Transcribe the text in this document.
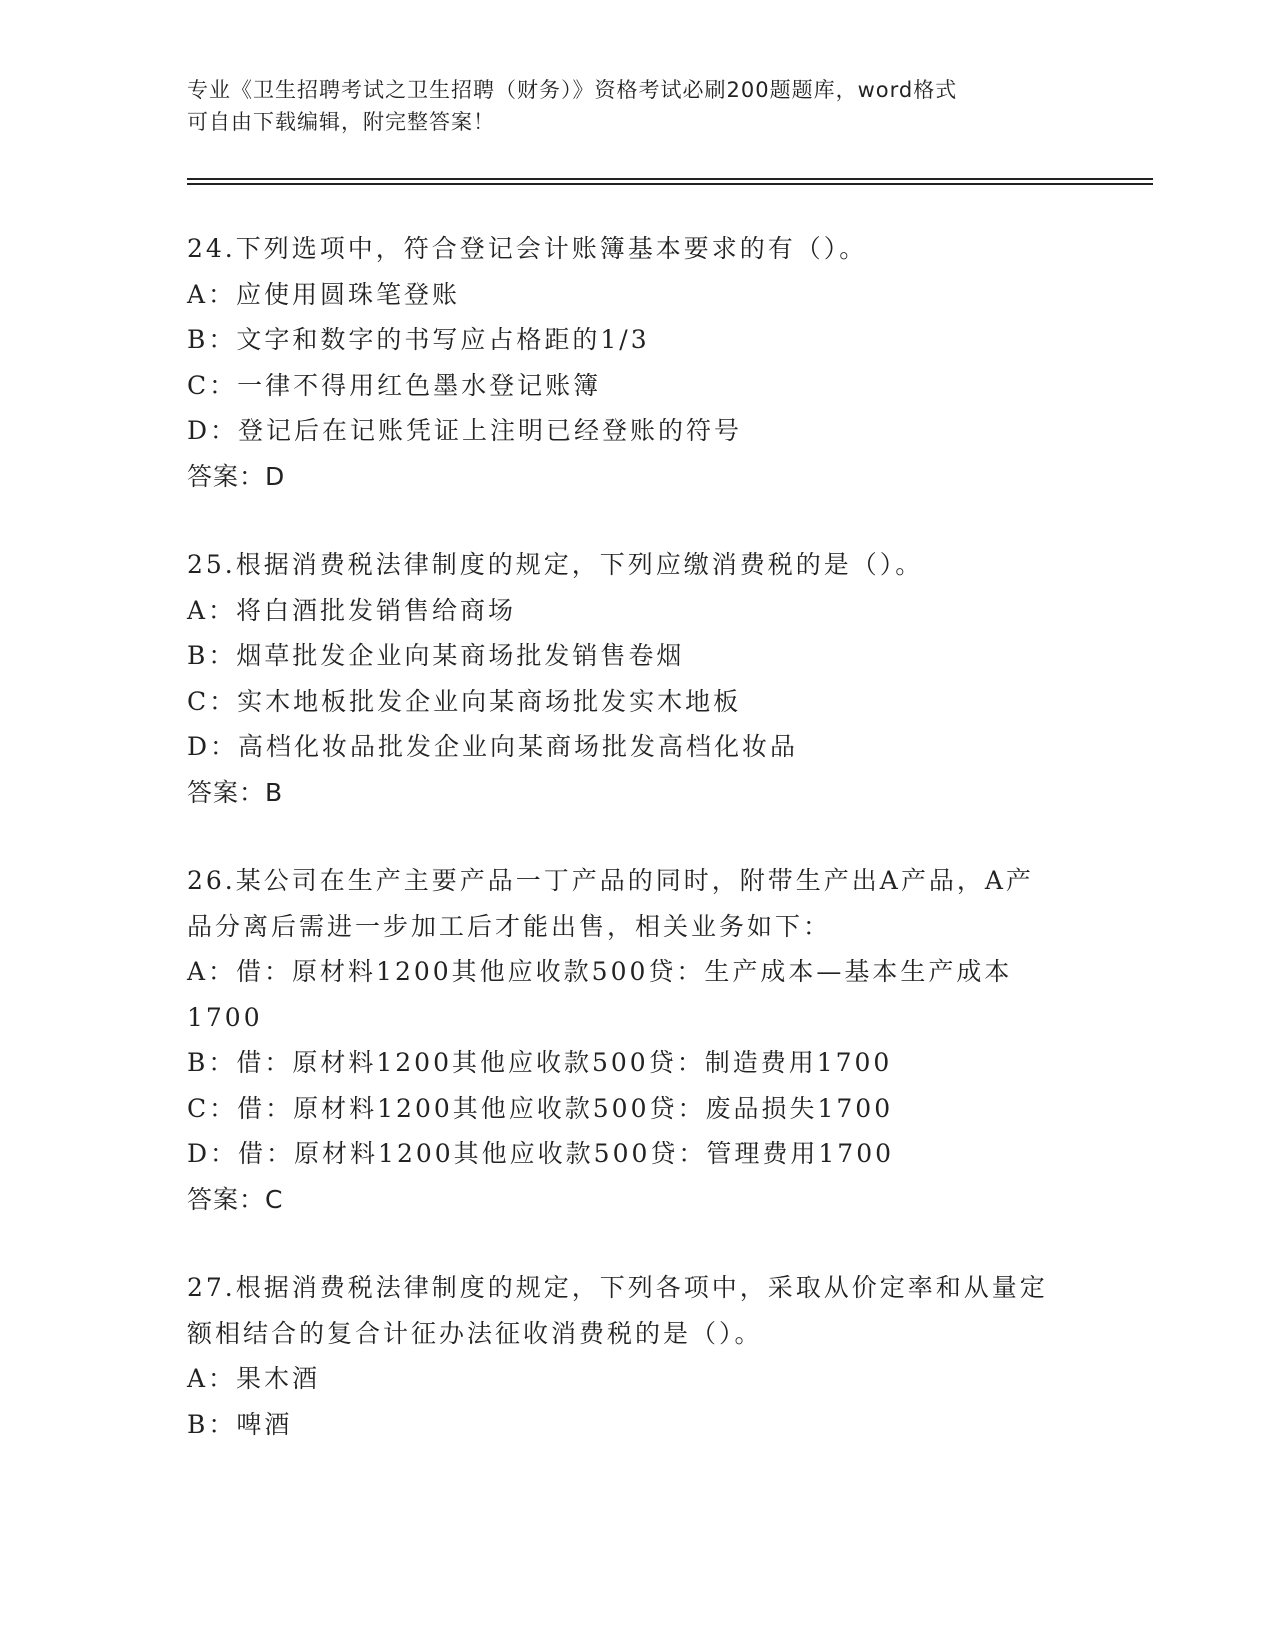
专业《卫生招聘考试之卫生招聘（财务）》资格考试必刷200题题库，word格式
可自由下载编辑，附完整答案！
24.下列选项中，符合登记会计账簿基本要求的有（）。
A：应使用圆珠笔登账
B：文字和数字的书写应占格距的1/3
C：一律不得用红色墨水登记账簿
D：登记后在记账凭证上注明已经登账的符号
答案：D
25.根据消费税法律制度的规定，下列应缴消费税的是（）。
A：将白酒批发销售给商场
B：烟草批发企业向某商场批发销售卷烟
C：实木地板批发企业向某商场批发实木地板
D：高档化妆品批发企业向某商场批发高档化妆品
答案：B
26.某公司在生产主要产品一丁产品的同时，附带生产出A产品，A产
品分离后需进一步加工后才能出售，相关业务如下：
A：借：原材料1200其他应收款500贷：生产成本—基本生产成本
1700
B：借：原材料1200其他应收款500贷：制造费用1700
C：借：原材料1200其他应收款500贷：废品损失1700
D：借：原材料1200其他应收款500贷：管理费用1700
答案：C
27.根据消费税法律制度的规定，下列各项中，采取从价定率和从量定
额相结合的复合计征办法征收消费税的是（）。
A：果木酒
B：啤酒
